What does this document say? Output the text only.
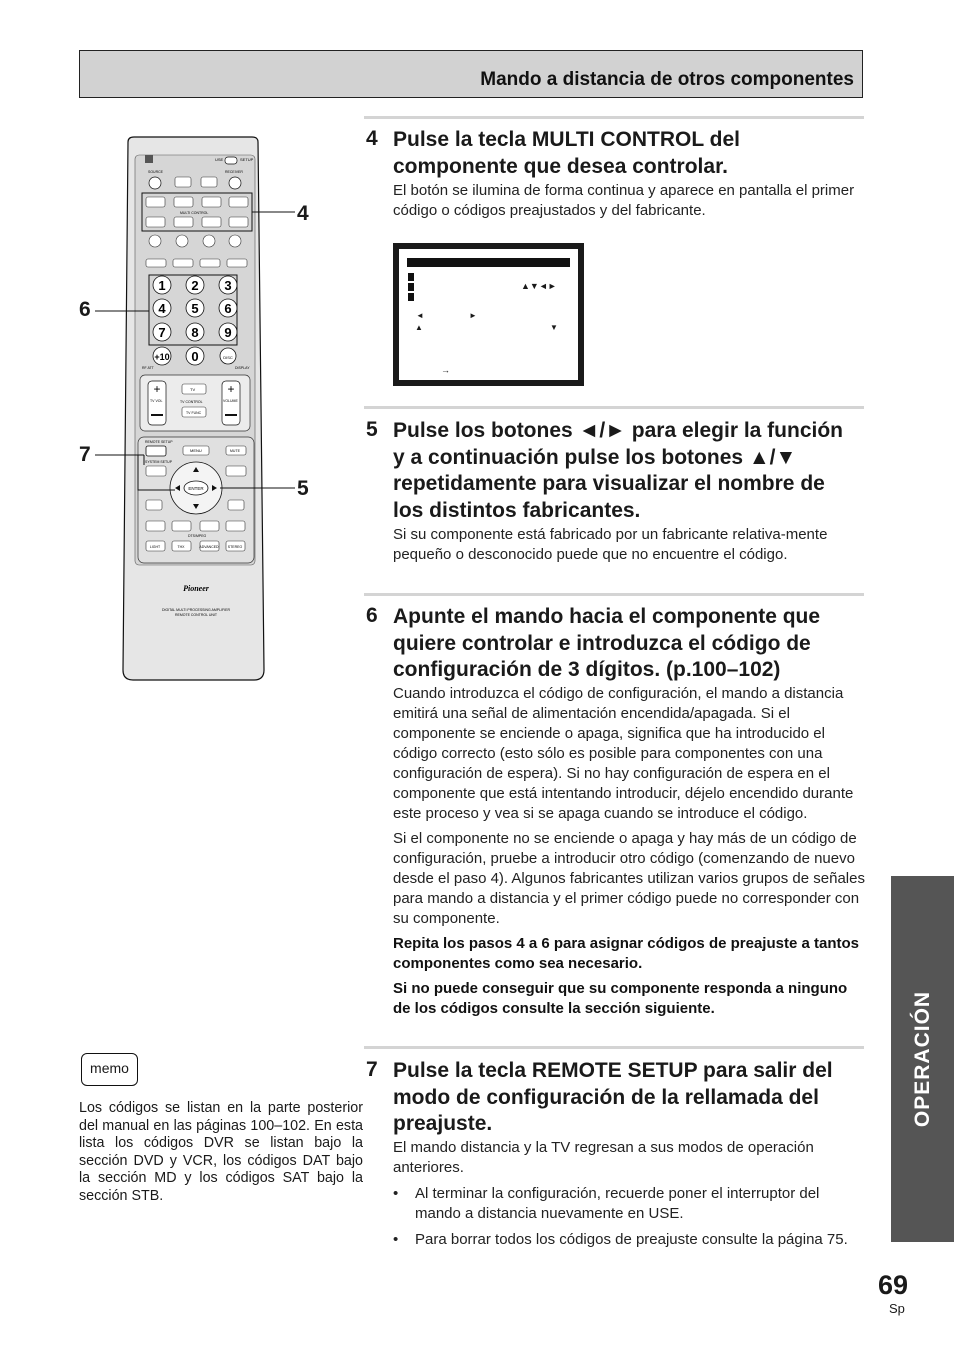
Mando a distancia de otros componentes
USE	SETUP
SOURCE	RECEIVER
MULTI CONTROL
1 2 3
4 5 6
7 8 9
+10 0	DISC
RF ATT	DISPLAY
+	+
TV
TV VOL	TV CONTROL	VOLUME
TV FUNC
REMOTE SETUP
MENU	MUTE
SYSTEM SETUP
ENTER
DTS/MPEG
LIGHT	THX	ADVANCED	STEREO
Pioneer
DIGITAL MULTI PROCESSING AMPLIFIER
REMOTE CONTROL UNIT
4
6
7
5
memo
Los códigos se listan en la parte posterior del manual en las páginas 100–102. En esta lista los códigos DVR se listan bajo la sección DVD y VCR, los códigos DAT bajo la sección MD y los códigos SAT bajo la sección STB.
4 Pulse la tecla MULTI CONTROL del
componente que desea controlar.
El botón se ilumina de forma continua y aparece en pantalla el primer código o códigos preajustados y del fabricante.
▲▼◄►
◄	►
▲	▼
→
5 Pulse los botones ◄/► para elegir la función
y a continuación pulse los botones ▲/▼
repetidamente para visualizar el nombre de
los distintos fabricantes.
Si su componente está fabricado por un fabricante relativa-mente pequeño o desconocido puede que no encuentre el código.
6 Apunte el mando hacia el componente que
quiere controlar e introduzca el código de
configuración de 3 dígitos. (p.100–102)

Cuando introduzca el código de configuración, el mando a distancia emitirá una señal de alimentación encendida/apagada. Si el componente se enciende o apaga, significa que ha introducido el código correcto (esto sólo es posible para componentes con una configuración de espera). Si no hay configuración de espera en el componente que está intentando introducir, déjelo encendido durante este proceso y vea si se apaga cuando se introduce el código.

Si el componente no se enciende o apaga y hay más de un código de configuración, pruebe a introducir otro código (comenzando de nuevo desde el paso 4). Algunos fabricantes utilizan varios grupos de señales para mando a distancia y el primer código puede no corresponder con su componente.

Repita los pasos 4 a 6 para asignar códigos de preajuste a tantos componentes como sea necesario.

Si no puede conseguir que su componente responda a ninguno de los códigos consulte la sección siguiente.

7 Pulse la tecla REMOTE SETUP para salir del
modo de configuración de la rellamada del
preajuste.

El mando distancia y la TV regresan a sus modos de operación anteriores.

• Al terminar la configuración, recuerde poner el interruptor del mando a distancia nuevamente en USE.
• Para borrar todos los códigos de preajuste consulte la página 75.
OPERACIÓN
69
Sp
